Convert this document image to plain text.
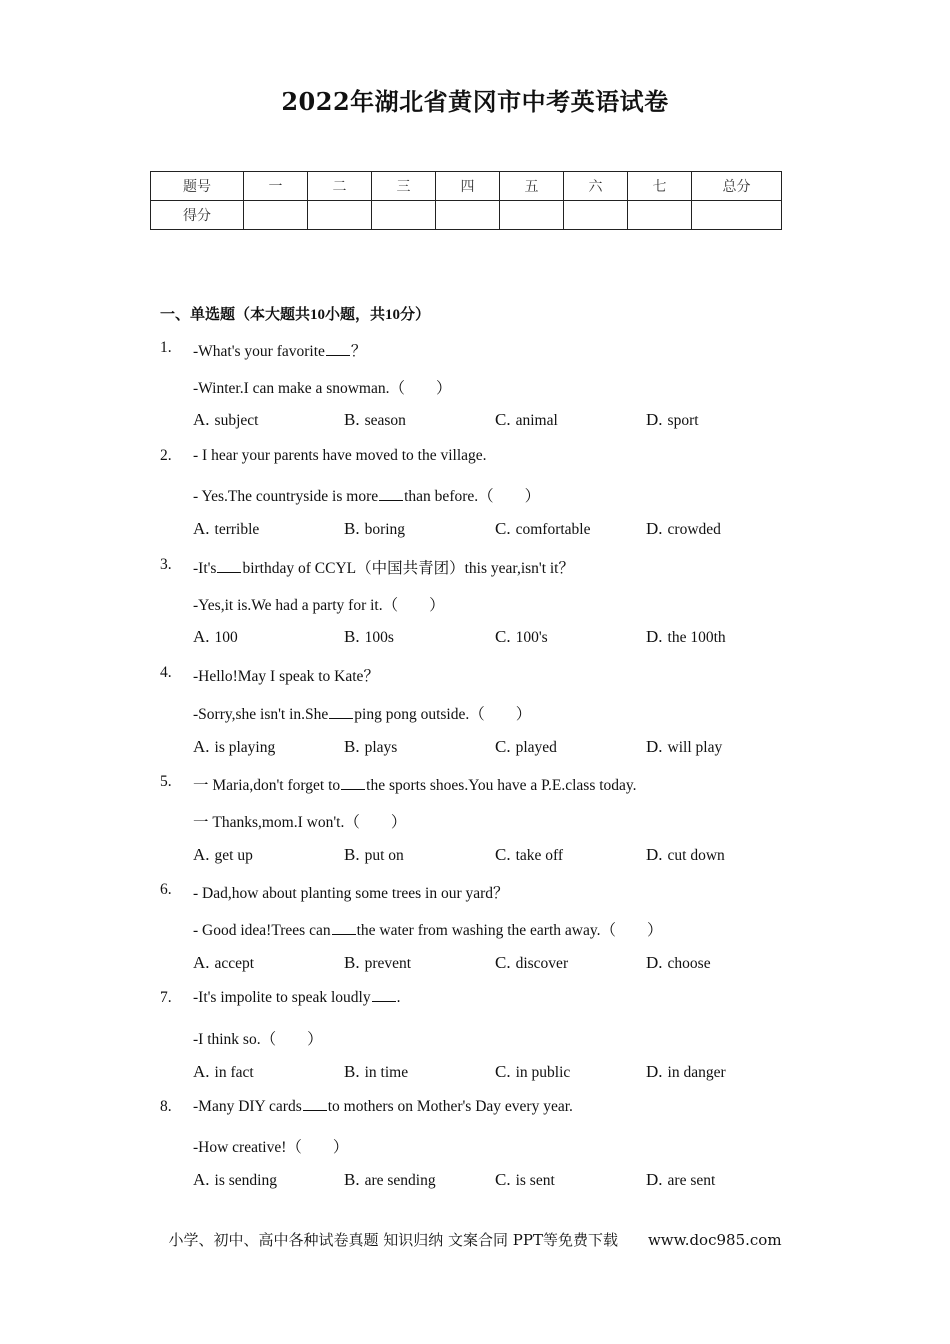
2022年湖北省黄冈市中考英语试卷
题号	一	二	三	四	五	六	七	总分
得分								
一、单选题（本大题共10小题，共10分）
1. -What's your favorite ？
-Winter.I can make a snowman.（　　）
A. subject	B. season	C. animal	D. sport
2. - I hear your parents have moved to the village.
- Yes.The countryside is more than before.（　　）
A. terrible	B. boring	C. comfortable	D. crowded
3. -It's birthday of CCYL（中国共青团）this year,isn't it？
-Yes,it is.We had a party for it.（　　）
A. 100	B. 100s	C. 100's	D. the 100th
4. -Hello!May I speak to Kate？
-Sorry,she isn't in.She ping pong outside.（　　）
A. is playing	B. plays	C. played	D. will play
5. 一 Maria,don't forget to the sports shoes.You have a P.E.class today.
一 Thanks,mom.I won't.（　　）
A. get up	B. put on	C. take off	D. cut down
6. - Dad,how about planting some trees in our yard？
- Good idea!Trees can the water from washing the earth away.（　　）
A. accept	B. prevent	C. discover	D. choose
7. -It's impolite to speak loudly .
-I think so.（　　）
A. in fact	B. in time	C. in public	D. in danger
8. -Many DIY cards to mothers on Mother's Day every year.
-How creative!（　　）
A. is sending	B. are sending	C. is sent	D. are sent
小学、初中、高中各种试卷真题 知识归纳 文案合同 PPT等免费下载　　www.doc985.com
